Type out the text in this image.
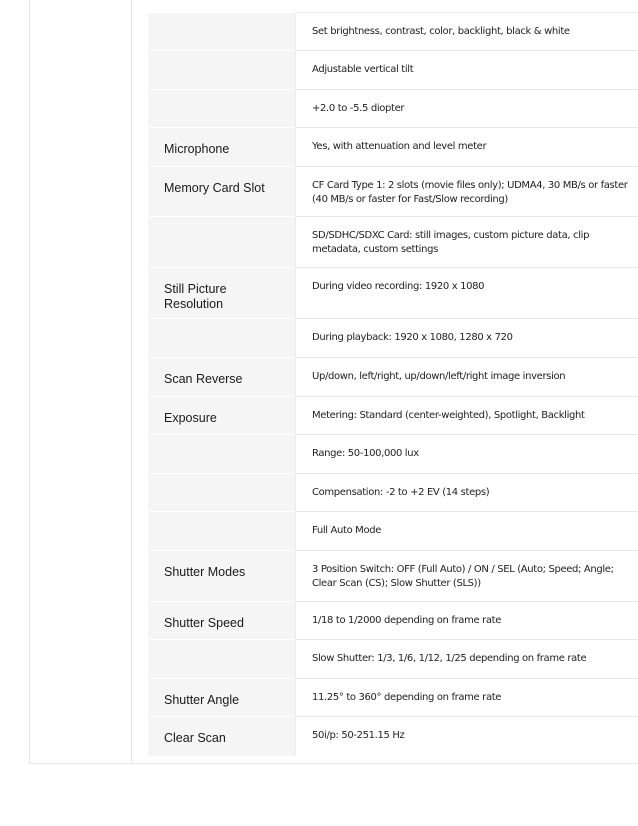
	Set brightness, contrast, color, backlight, black & white

	Adjustable vertical tilt

	+2.0 to -5.5 diopter

Microphone	Yes, with attenuation and level meter

Memory Card Slot	CF Card Type 1: 2 slots (movie files only); UDMA4, 30 MB/s or faster (40 MB/s or faster for Fast/Slow recording)

	SD/SDHC/SDXC Card: still images, custom picture data, clip metadata, custom settings

Still Picture Resolution	During video recording: 1920 x 1080

	During playback: 1920 x 1080, 1280 x 720

Scan Reverse	Up/down, left/right, up/down/left/right image inversion

Exposure	Metering: Standard (center-weighted), Spotlight, Backlight

	Range: 50-100,000 lux

	Compensation: -2 to +2 EV (14 steps)

	Full Auto Mode

Shutter Modes	3 Position Switch: OFF (Full Auto) / ON / SEL (Auto; Speed; Angle; Clear Scan (CS); Slow Shutter (SLS))

Shutter Speed	1/18 to 1/2000 depending on frame rate

	Slow Shutter: 1/3, 1/6, 1/12, 1/25 depending on frame rate

Shutter Angle	11.25° to 360° depending on frame rate

Clear Scan	50i/p: 50-251.15 Hz
